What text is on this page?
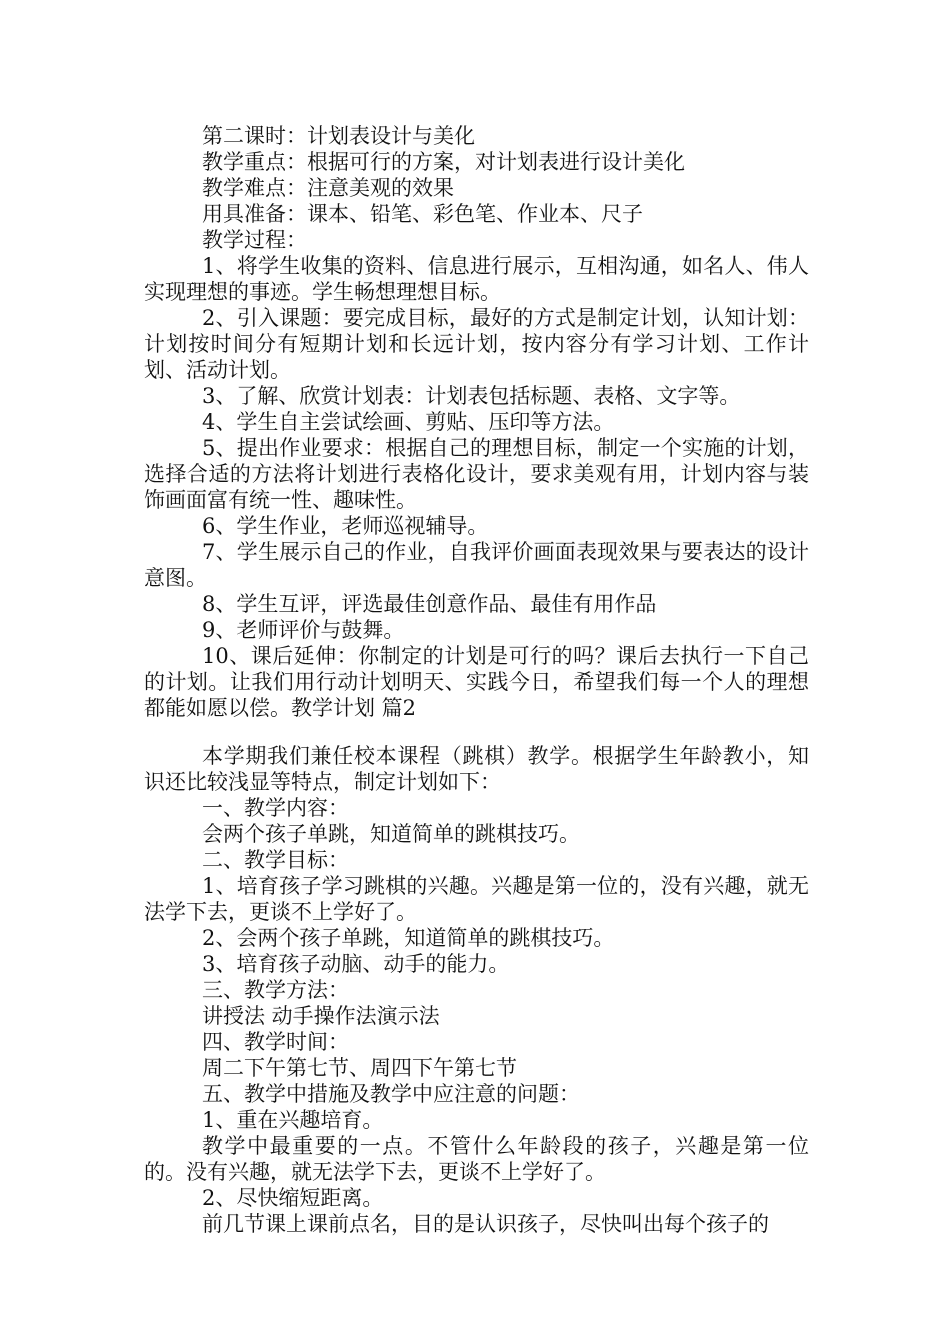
第二课时：计划表设计与美化

教学重点：根据可行的方案，对计划表进行设计美化

教学难点：注意美观的效果

用具准备：课本、铅笔、彩色笔、作业本、尺子

教学过程：

1、将学生收集的资料、信息进行展示，互相沟通，如名人、伟人实现理想的事迹。学生畅想理想目标。

2、引入课题：要完成目标，最好的方式是制定计划，认知计划：计划按时间分有短期计划和长远计划，按内容分有学习计划、工作计划、活动计划。

3、了解、欣赏计划表：计划表包括标题、表格、文字等。

4、学生自主尝试绘画、剪贴、压印等方法。

5、提出作业要求：根据自己的理想目标，制定一个实施的计划，选择合适的方法将计划进行表格化设计，要求美观有用，计划内容与装饰画面富有统一性、趣味性。

6、学生作业，老师巡视辅导。

7、学生展示自己的作业，自我评价画面表现效果与要表达的设计意图。

8、学生互评，评选最佳创意作品、最佳有用作品

9、老师评价与鼓舞。

10、课后延伸：你制定的计划是可行的吗？课后去执行一下自己的计划。让我们用行动计划明天、实践今日，希望我们每一个人的理想都能如愿以偿。教学计划 篇2

本学期我们兼任校本课程（跳棋）教学。根据学生年龄教小，知识还比较浅显等特点，制定计划如下：

一、教学内容：

会两个孩子单跳，知道简单的跳棋技巧。

二、教学目标：

1、培育孩子学习跳棋的兴趣。兴趣是第一位的，没有兴趣，就无法学下去，更谈不上学好了。

2、会两个孩子单跳，知道简单的跳棋技巧。

3、培育孩子动脑、动手的能力。

三、教学方法：

讲授法 动手操作法演示法

四、教学时间：

周二下午第七节、周四下午第七节

五、教学中措施及教学中应注意的问题：

1、重在兴趣培育。

教学中最重要的一点。不管什么年龄段的孩子，兴趣是第一位的。没有兴趣，就无法学下去，更谈不上学好了。

2、尽快缩短距离。

前几节课上课前点名，目的是认识孩子，尽快叫出每个孩子的
